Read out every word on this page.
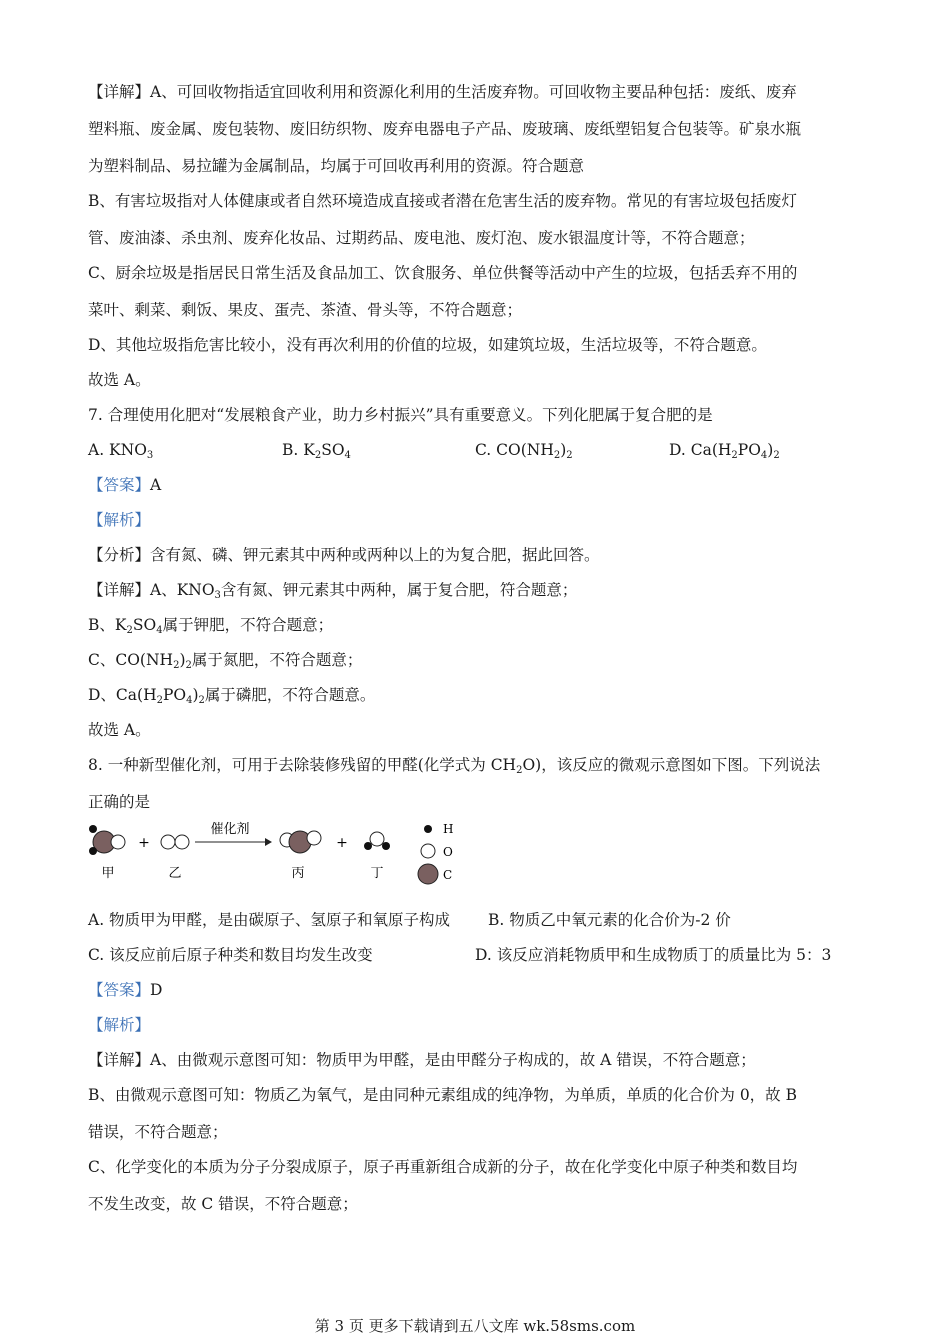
【详解】A、可回收物指适宜回收利用和资源化利用的生活废弃物。可回收物主要品种包括：废纸、废弃
塑料瓶、废金属、废包装物、废旧纺织物、废弃电器电子产品、废玻璃、废纸塑铝复合包装等。矿泉水瓶
为塑料制品、易拉罐为金属制品，均属于可回收再利用的资源。符合题意
B、有害垃圾指对人体健康或者自然环境造成直接或者潜在危害生活的废弃物。常见的有害垃圾包括废灯
管、废油漆、杀虫剂、废弃化妆品、过期药品、废电池、废灯泡、废水银温度计等，不符合题意；
C、厨余垃圾是指居民日常生活及食品加工、饮食服务、单位供餐等活动中产生的垃圾，包括丢弃不用的
菜叶、剩菜、剩饭、果皮、蛋壳、茶渣、骨头等，不符合题意；
D、其他垃圾指危害比较小，没有再次利用的价值的垃圾，如建筑垃圾，生活垃圾等，不符合题意。
故选 A。
7. 合理使用化肥对“发展粮食产业，助力乡村振兴”具有重要意义。下列化肥属于复合肥的是
A. $KNO_3$	B. $K_2SO_4$	C. $CO(NH_2)_2$	D. $Ca(H_2PO_4)_2$
【答案】A
【解析】
【分析】含有氮、磷、钾元素其中两种或两种以上的为复合肥，据此回答。
【详解】A、$KNO_3$含有氮、钾元素其中两种，属于复合肥，符合题意；
B、$K_2SO_4$属于钾肥，不符合题意；
C、$CO(NH_2)_2$属于氮肥，不符合题意；
D、$Ca(H_2PO_4)_2$属于磷肥，不符合题意。
故选 A。
8. 一种新型催化剂，可用于去除装修残留的甲醛(化学式为 $CH_2O$)，该反应的微观示意图如下图。下列说法
正确的是
+
催化剂
+
甲	乙	丙	丁
H
O
C
A. 物质甲为甲醛，是由碳原子、氢原子和氧原子构成 B. 物质乙中氧元素的化合价为-2 价
C. 该反应前后原子种类和数目均发生改变	D. 该反应消耗物质甲和生成物质丁的质量比为 5：3
【答案】D
【解析】
【详解】A、由微观示意图可知：物质甲为甲醛，是由甲醛分子构成的，故 A 错误，不符合题意；
B、由微观示意图可知：物质乙为氧气，是由同种元素组成的纯净物，为单质，单质的化合价为 0，故 B
错误，不符合题意；
C、化学变化的本质为分子分裂成原子，原子再重新组合成新的分子，故在化学变化中原子种类和数目均
不发生改变，故 C 错误，不符合题意；
第 3 页 更多下载请到五八文库 wk.58sms.com
